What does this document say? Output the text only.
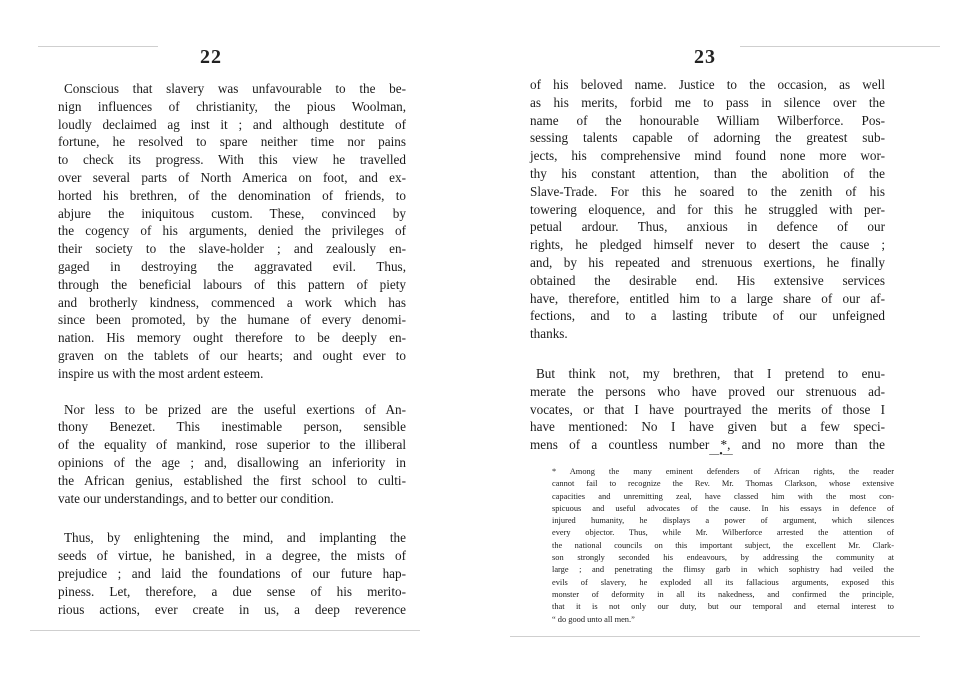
22
Conscious that slavery was unfavourable to the be-
nign influences of christianity, the pious Woolman,
loudly declaimed ag inst it ; and although destitute of
fortune, he resolved to spare neither time nor pains
to check its progress. With this view he travelled
over several parts of North America on foot, and ex-
horted his brethren, of the denomination of friends, to
abjure the iniquitous custom. These, convinced by
the cogency of his arguments, denied the privileges of
their society to the slave-holder ; and zealously en-
gaged in destroying the aggravated evil. Thus,
through the beneficial labours of this pattern of piety
and brotherly kindness, commenced a work which has
since been promoted, by the humane of every denomi-
nation. His memory ought therefore to be deeply en-
graven on the tablets of our hearts; and ought ever to
inspire us with the most ardent esteem.
Nor less to be prized are the useful exertions of An-
thony Benezet. This inestimable person, sensible
of the equality of mankind, rose superior to the illiberal
opinions of the age ; and, disallowing an inferiority in
the African genius, established the first school to culti-
vate our understandings, and to better our condition.
Thus, by enlightening the mind, and implanting the
seeds of virtue, he banished, in a degree, the mists of
prejudice ; and laid the foundations of our future hap-
piness. Let, therefore, a due sense of his merito-
rious actions, ever create in us, a deep reverence
23
of his beloved name. Justice to the occasion, as well
as his merits, forbid me to pass in silence over the
name of the honourable William Wilberforce. Pos-
sessing talents capable of adorning the greatest sub-
jects, his comprehensive mind found none more wor-
thy his constant attention, than the abolition of the
Slave-Trade. For this he soared to the zenith of his
towering eloquence, and for this he struggled with per-
petual ardour. Thus, anxious in defence of our
rights, he pledged himself never to desert the cause ;
and, by his repeated and strenuous exertions, he finally
obtained the desirable end. His extensive services
have, therefore, entitled him to a large share of our af-
fections, and to a lasting tribute of our unfeigned
thanks.
But think not, my brethren, that I pretend to enu-
merate the persons who have proved our strenuous ad-
vocates, or that I have pourtrayed the merits of those I
have mentioned: No I have given but a few speci-
mens of a countless number *, and no more than the
—•—
* Among the many eminent defenders of African rights, the reader
cannot fail to recognize the Rev. Mr. Thomas Clarkson, whose extensive
capacities and unremitting zeal, have classed him with the most con-
spicuous and useful advocates of the cause. In his essays in defence of
injured humanity, he displays a power of argument, which silences
every objector. Thus, while Mr. Wilberforce arrested the attention of
the national councils on this important subject, the excellent Mr. Clark-
son strongly seconded his endeavours, by addressing the community at
large ; and penetrating the flimsy garb in which sophistry had veiled the
evils of slavery, he exploded all its fallacious arguments, exposed this
monster of deformity in all its nakedness, and confirmed the principle,
that it is not only our duty, but our temporal and eternal interest to
“ do good unto all men.”
